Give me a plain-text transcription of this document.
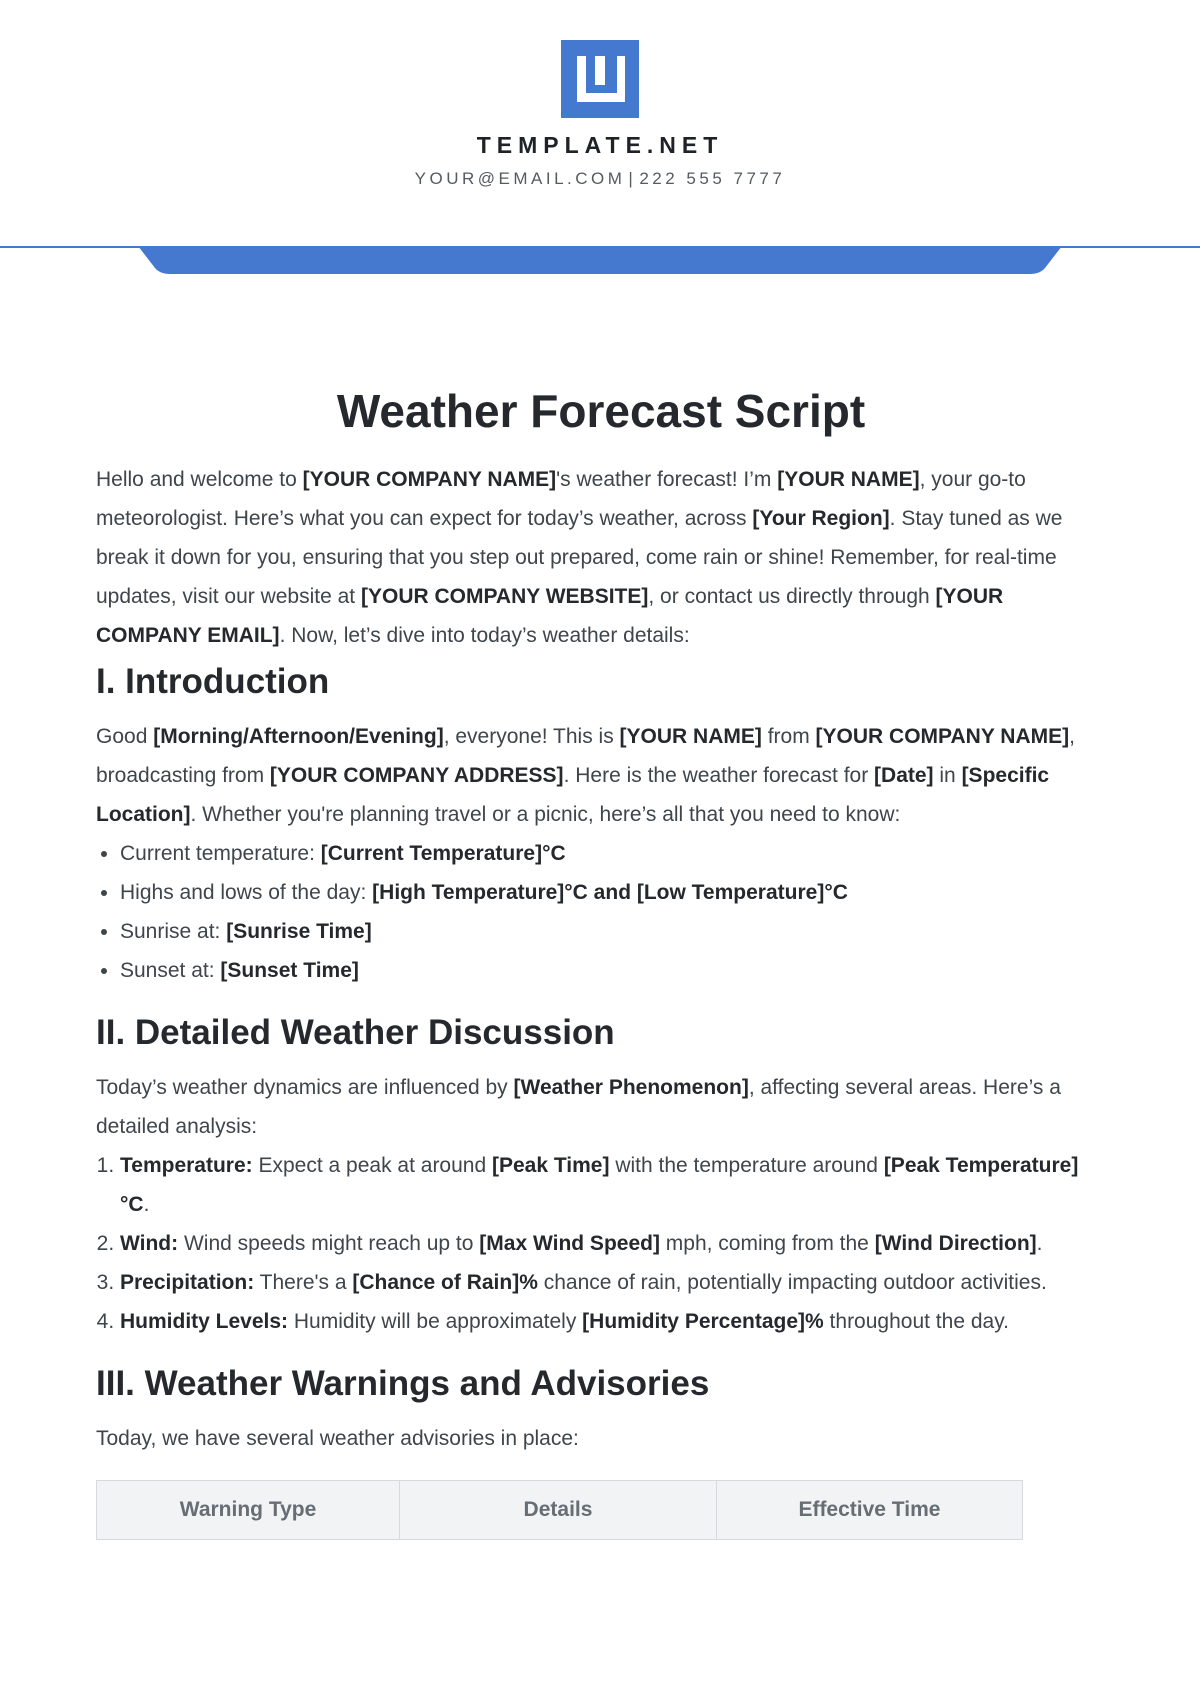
TEMPLATE.NET
YOUR@EMAIL.COM | 222 555 7777
Weather Forecast Script

Hello and welcome to [YOUR COMPANY NAME]'s weather forecast! I’m [YOUR NAME], your go-to meteorologist. Here’s what you can expect for today’s weather, across [Your Region]. Stay tuned as we break it down for you, ensuring that you step out prepared, come rain or shine! Remember, for real-time updates, visit our website at [YOUR COMPANY WEBSITE], or contact us directly through [YOUR COMPANY EMAIL]. Now, let’s dive into today’s weather details:

I. Introduction

Good [Morning/Afternoon/Evening], everyone! This is [YOUR NAME] from [YOUR COMPANY NAME], broadcasting from [YOUR COMPANY ADDRESS]. Here is the weather forecast for [Date] in [Specific Location]. Whether you're planning travel or a picnic, here’s all that you need to know:

• Current temperature: [Current Temperature]°C
• Highs and lows of the day: [High Temperature]°C and [Low Temperature]°C
• Sunrise at: [Sunrise Time]
• Sunset at: [Sunset Time]
II. Detailed Weather Discussion

Today’s weather dynamics are influenced by [Weather Phenomenon], affecting several areas. Here’s a detailed analysis:

1. Temperature: Expect a peak at around [Peak Time] with the temperature around [Peak Temperature]°C.
2. Wind: Wind speeds might reach up to [Max Wind Speed] mph, coming from the [Wind Direction].
3. Precipitation: There's a [Chance of Rain]% chance of rain, potentially impacting outdoor activities.
4. Humidity Levels: Humidity will be approximately [Humidity Percentage]% throughout the day.
III. Weather Warnings and Advisories

Today, we have several weather advisories in place:

Warning Type	Details	Effective Time
